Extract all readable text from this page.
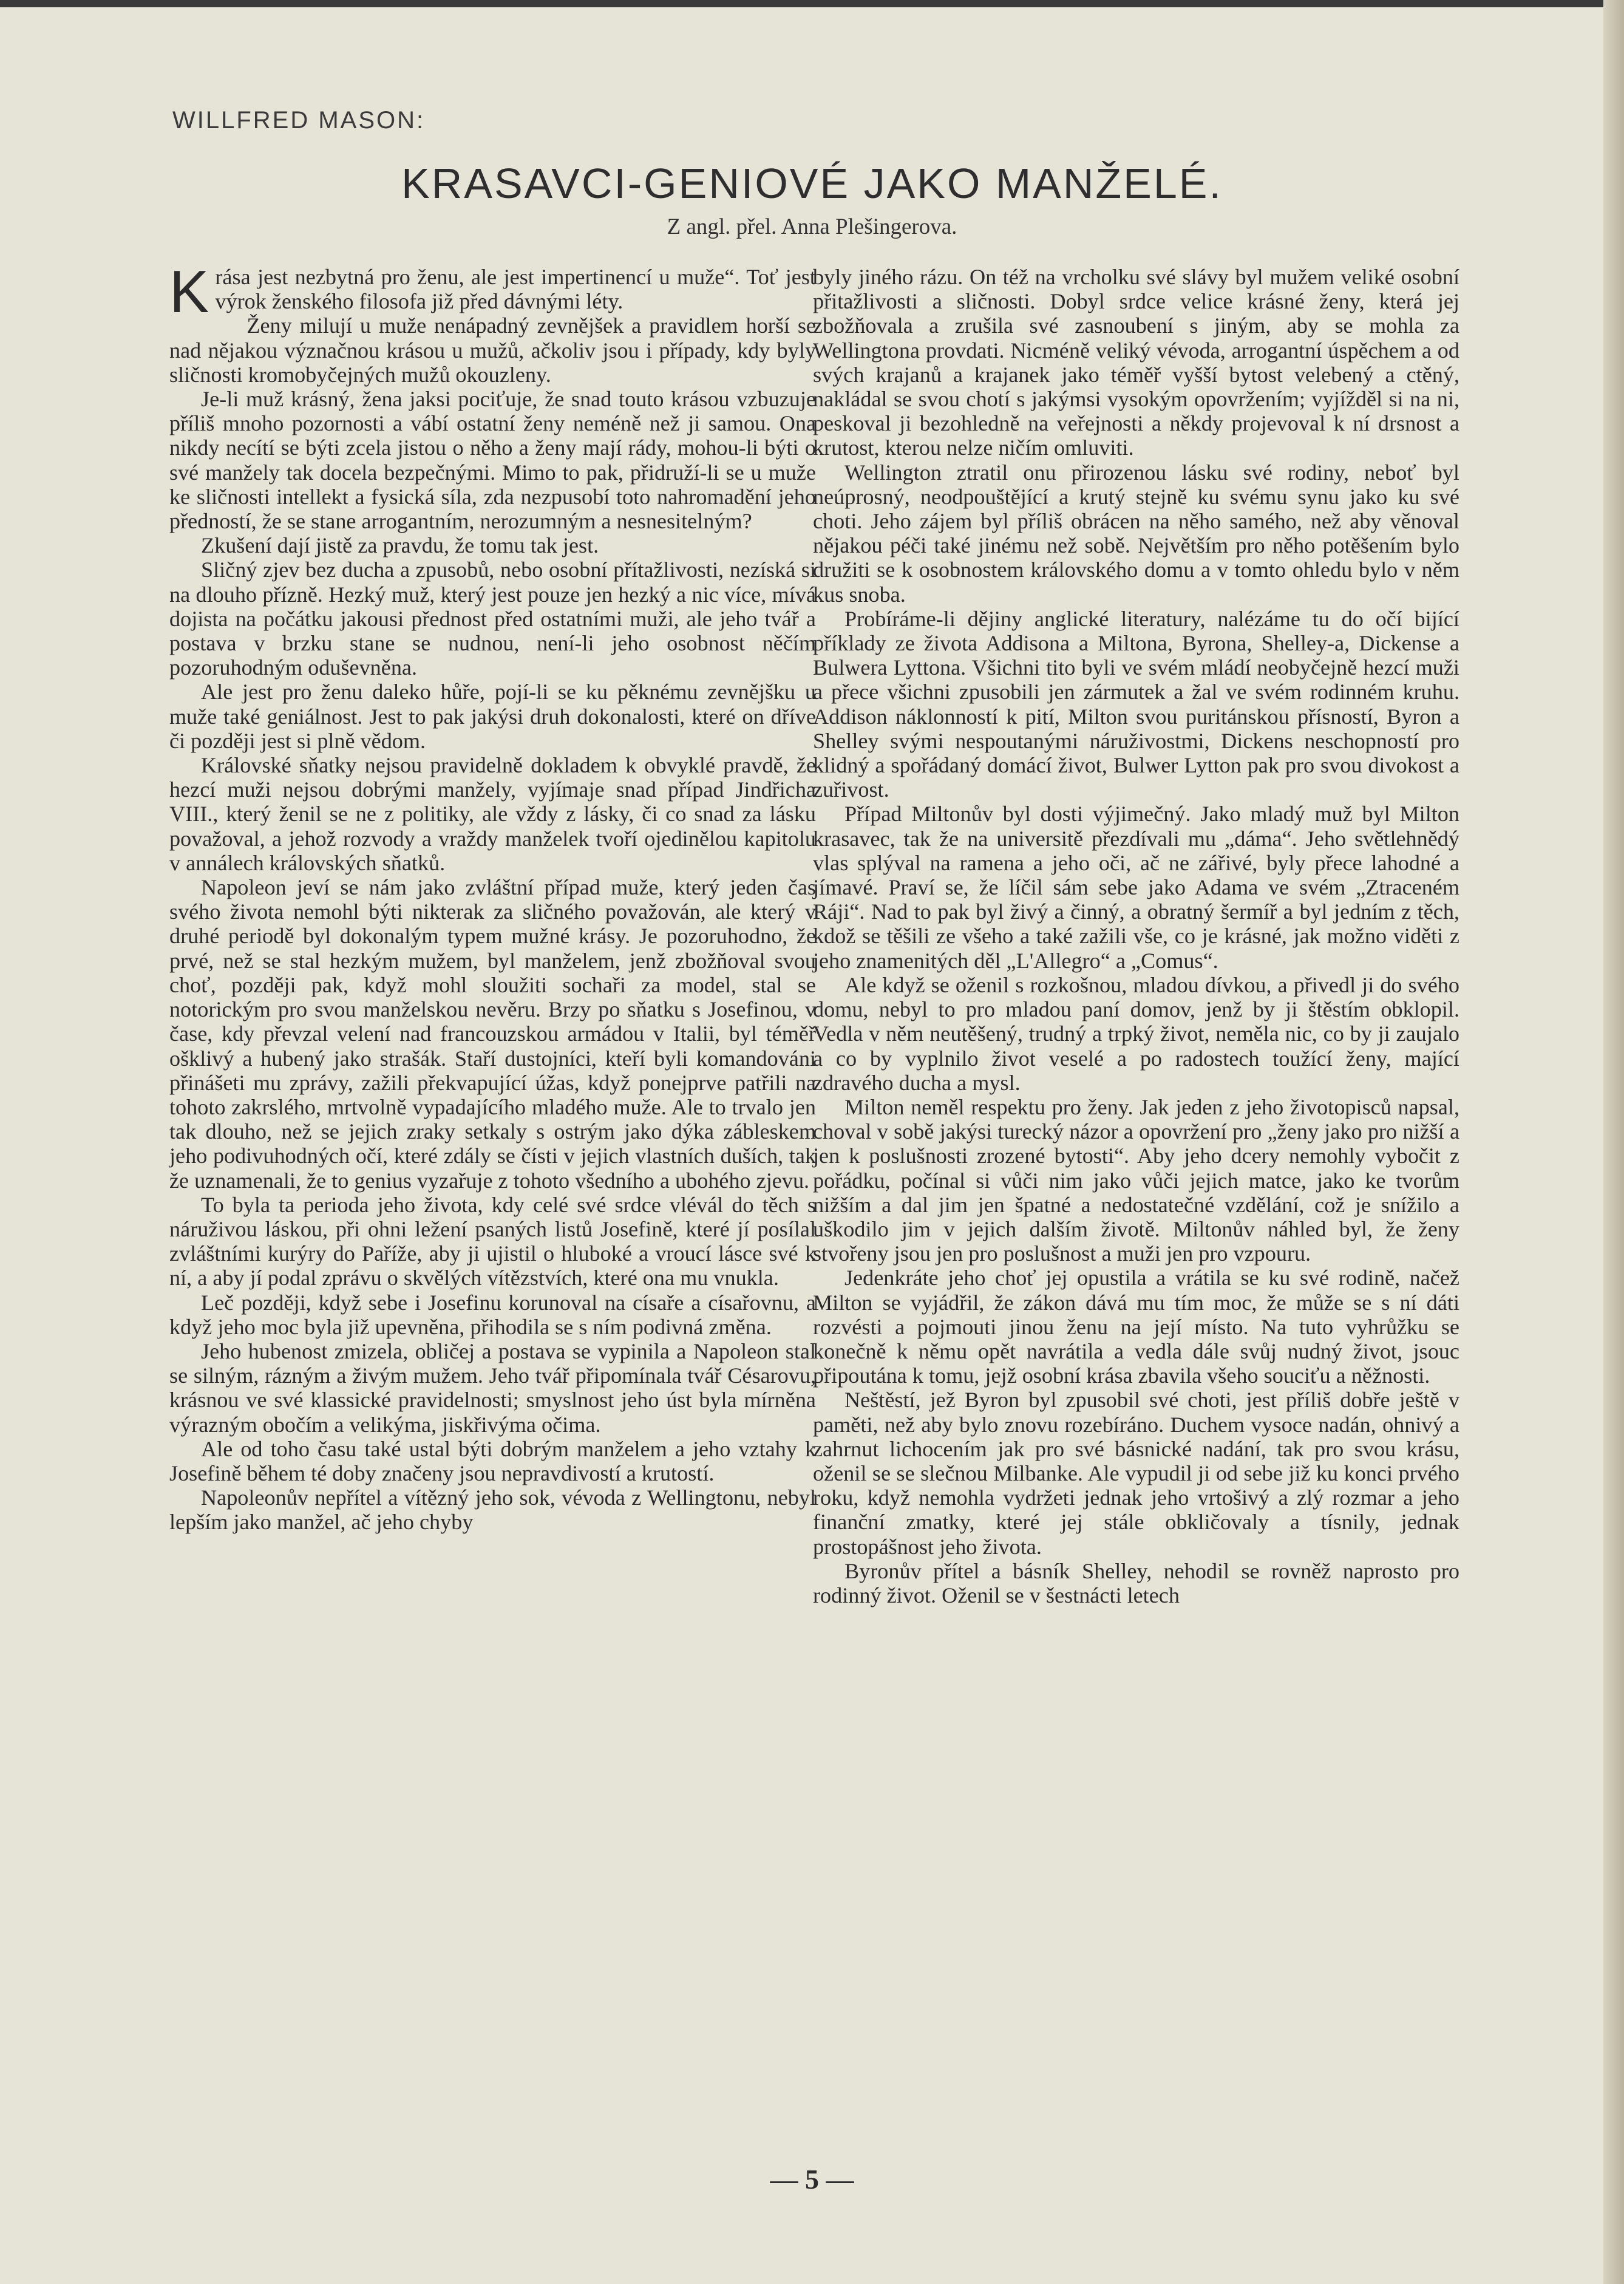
WILLFRED MASON:
KRASAVCI-GENIOVÉ JAKO MANŽELÉ.
Z angl. přel. Anna Plešingerova.

Krása jest nezbytná pro ženu, ale jest impertinencí u muže“. Toť jest výrok ženského filosofa již před dávnými léty.

Ženy milují u muže nenápadný zevnějšek a pravidlem horší se nad nějakou význačnou krásou u mužů, ačkoliv jsou i případy, kdy byly sličnosti kromobyčejných mužů okouzleny.

Je-li muž krásný, žena jaksi pociťuje, že snad touto krásou vzbuzuje příliš mnoho pozornosti a vábí ostatní ženy neméně než ji samou. Ona nikdy necítí se býti zcela jistou o něho a ženy mají rády, mohou-li býti o své manžely tak docela bezpečnými. Mimo to pak, přidruží-li se u muže ke sličnosti intellekt a fysická síla, zda nezpusobí toto nahromadění jeho předností, že se stane arrogantním, nerozumným a nesnesitelným?

Zkušení dají jistě za pravdu, že tomu tak jest.

Sličný zjev bez ducha a zpusobů, nebo osobní přítažlivosti, nezíská si na dlouho přízně. Hezký muž, který jest pouze jen hezký a nic více, mívá dojista na počátku jakousi přednost před ostatními muži, ale jeho tvář a postava v brzku stane se nudnou, není-li jeho osobnost něčím pozoruhodným oduševněna.

Ale jest pro ženu daleko hůře, pojí-li se ku pěknému zevnějšku u muže také geniálnost. Jest to pak jakýsi druh dokonalosti, které on dříve či později jest si plně vědom.

Královské sňatky nejsou pravidelně dokladem k obvyklé pravdě, že hezcí muži nejsou dobrými manžely, vyjímaje snad případ Jindřicha VIII., který ženil se ne z politiky, ale vždy z lásky, či co snad za lásku považoval, a jehož rozvody a vraždy manželek tvoří ojedinělou kapitolu v annálech královských sňatků.

Napoleon jeví se nám jako zvláštní případ muže, který jeden čas svého života nemohl býti nikterak za sličného považován, ale který v druhé periodě byl dokonalým typem mužné krásy. Je pozoruhodno, že prvé, než se stal hezkým mužem, byl manželem, jenž zbožňoval svou choť, později pak, když mohl sloužiti sochaři za model, stal se notorickým pro svou manželskou nevěru. Brzy po sňatku s Josefinou, v čase, kdy převzal velení nad francouzskou armádou v Italii, byl téměř ošklivý a hubený jako strašák. Staří dustojníci, kteří byli komandováni přinášeti mu zprávy, zažili překvapující úžas, když ponejprve patřili na tohoto zakrslého, mrtvolně vypadajícího mladého muže. Ale to trvalo jen tak dlouho, než se jejich zraky setkaly s ostrým jako dýka zábleskem jeho podivuhodných očí, které zdály se čísti v jejich vlastních duších, tak že uznamenali, že to genius vyzařuje z tohoto všedního a ubohého zjevu.

To byla ta perioda jeho života, kdy celé své srdce vlévál do těch s náruživou láskou, při ohni ležení psaných listů Josefině, které jí posílal zvláštními kurýry do Paříže, aby ji ujistil o hluboké a vroucí lásce své k ní, a aby jí podal zprávu o skvělých vítězstvích, které ona mu vnukla.

Leč později, když sebe i Josefinu korunoval na císaře a císařovnu, a když jeho moc byla již upevněna, přihodila se s ním podivná změna.

Jeho hubenost zmizela, obličej a postava se vypinila a Napoleon stal se silným, rázným a živým mužem. Jeho tvář připomínala tvář Césarovu, krásnou ve své klassické pravidelnosti; smyslnost jeho úst byla mírněna výrazným obočím a velikýma, jiskřivýma očima.

Ale od toho času také ustal býti dobrým manželem a jeho vztahy k Josefině během té doby značeny jsou nepravdivostí a krutostí.

Napoleonův nepřítel a vítězný jeho sok, vévoda z Wellingtonu, nebyl lepším jako manžel, ač jeho chyby

byly jiného rázu. On též na vrcholku své slávy byl mužem veliké osobní přitažlivosti a sličnosti. Dobyl srdce velice krásné ženy, která jej zbožňovala a zrušila své zasnoubení s jiným, aby se mohla za Wellingtona provdati. Nicméně veliký vévoda, arrogantní úspěchem a od svých krajanů a krajanek jako téměř vyšší bytost velebený a ctěný, nakládal se svou chotí s jakýmsi vysokým opovržením; vyjížděl si na ni, peskoval ji bezohledně na veřejnosti a někdy projevoval k ní drsnost a krutost, kterou nelze ničím omluviti.

Wellington ztratil onu přirozenou lásku své rodiny, neboť byl neúprosný, neodpouštějící a krutý stejně ku svému synu jako ku své choti. Jeho zájem byl příliš obrácen na něho samého, než aby věnoval nějakou péči také jinému než sobě. Největším pro něho potěšením bylo družiti se k osobnostem královského domu a v tomto ohledu bylo v něm kus snoba.

Probíráme-li dějiny anglické literatury, nalézáme tu do očí bijící příklady ze života Addisona a Miltona, Byrona, Shelley-a, Dickense a Bulwera Lyttona. Všichni tito byli ve svém mládí neobyčejně hezcí muži a přece všichni zpusobili jen zármutek a žal ve svém rodinném kruhu. Addison náklonností k pití, Milton svou puritánskou přísností, Byron a Shelley svými nespoutanými náruživostmi, Dickens neschopností pro klidný a spořádaný domácí život, Bulwer Lytton pak pro svou divokost a zuřivost.

Případ Miltonův byl dosti výjimečný. Jako mladý muž byl Milton krasavec, tak že na universitě přezdívali mu „dáma“. Jeho světlehnědý vlas splýval na ramena a jeho oči, ač ne zářivé, byly přece lahodné a jímavé. Praví se, že líčil sám sebe jako Adama ve svém „Ztraceném Ráji“. Nad to pak byl živý a činný, a obratný šermíř a byl jedním z těch, kdož se těšili ze všeho a také zažili vše, co je krásné, jak možno viděti z jeho znamenitých děl „L'Allegro“ a „Comus“.

Ale když se oženil s rozkošnou, mladou dívkou, a přivedl ji do svého domu, nebyl to pro mladou paní domov, jenž by ji štěstím obklopil. Vedla v něm neutěšený, trudný a trpký život, neměla nic, co by ji zaujalo a co by vyplnilo život veselé a po radostech toužící ženy, mající zdravého ducha a mysl.

Milton neměl respektu pro ženy. Jak jeden z jeho životopisců napsal, choval v sobě jakýsi turecký názor a opovržení pro „ženy jako pro nižší a jen k poslušnosti zrozené bytosti“. Aby jeho dcery nemohly vybočit z pořádku, počínal si vůči nim jako vůči jejich matce, jako ke tvorům nižším a dal jim jen špatné a nedostatečné vzdělání, což je snížilo a uškodilo jim v jejich dalším životě. Miltonův náhled byl, že ženy stvořeny jsou jen pro poslušnost a muži jen pro vzpouru.

Jedenkráte jeho choť jej opustila a vrátila se ku své rodině, načež Milton se vyjádřil, že zákon dává mu tím moc, že může se s ní dáti rozvésti a pojmouti jinou ženu na její místo. Na tuto vyhrůžku se konečně k němu opět navrátila a vedla dále svůj nudný život, jsouc připoutána k tomu, jejž osobní krása zbavila všeho souciťu a něžnosti.

Neštěstí, jež Byron byl zpusobil své choti, jest příliš dobře ještě v paměti, než aby bylo znovu rozebíráno. Duchem vysoce nadán, ohnivý a zahrnut lichocením jak pro své básnické nadání, tak pro svou krásu, oženil se se slečnou Milbanke. Ale vypudil ji od sebe již ku konci prvého roku, když nemohla vydržeti jednak jeho vrtošivý a zlý rozmar a jeho finanční zmatky, které jej stále obkličovaly a tísnily, jednak prostopášnost jeho života.

Byronův přítel a básník Shelley, nehodil se rovněž naprosto pro rodinný život. Oženil se v šestnácti letech

— 5 —
